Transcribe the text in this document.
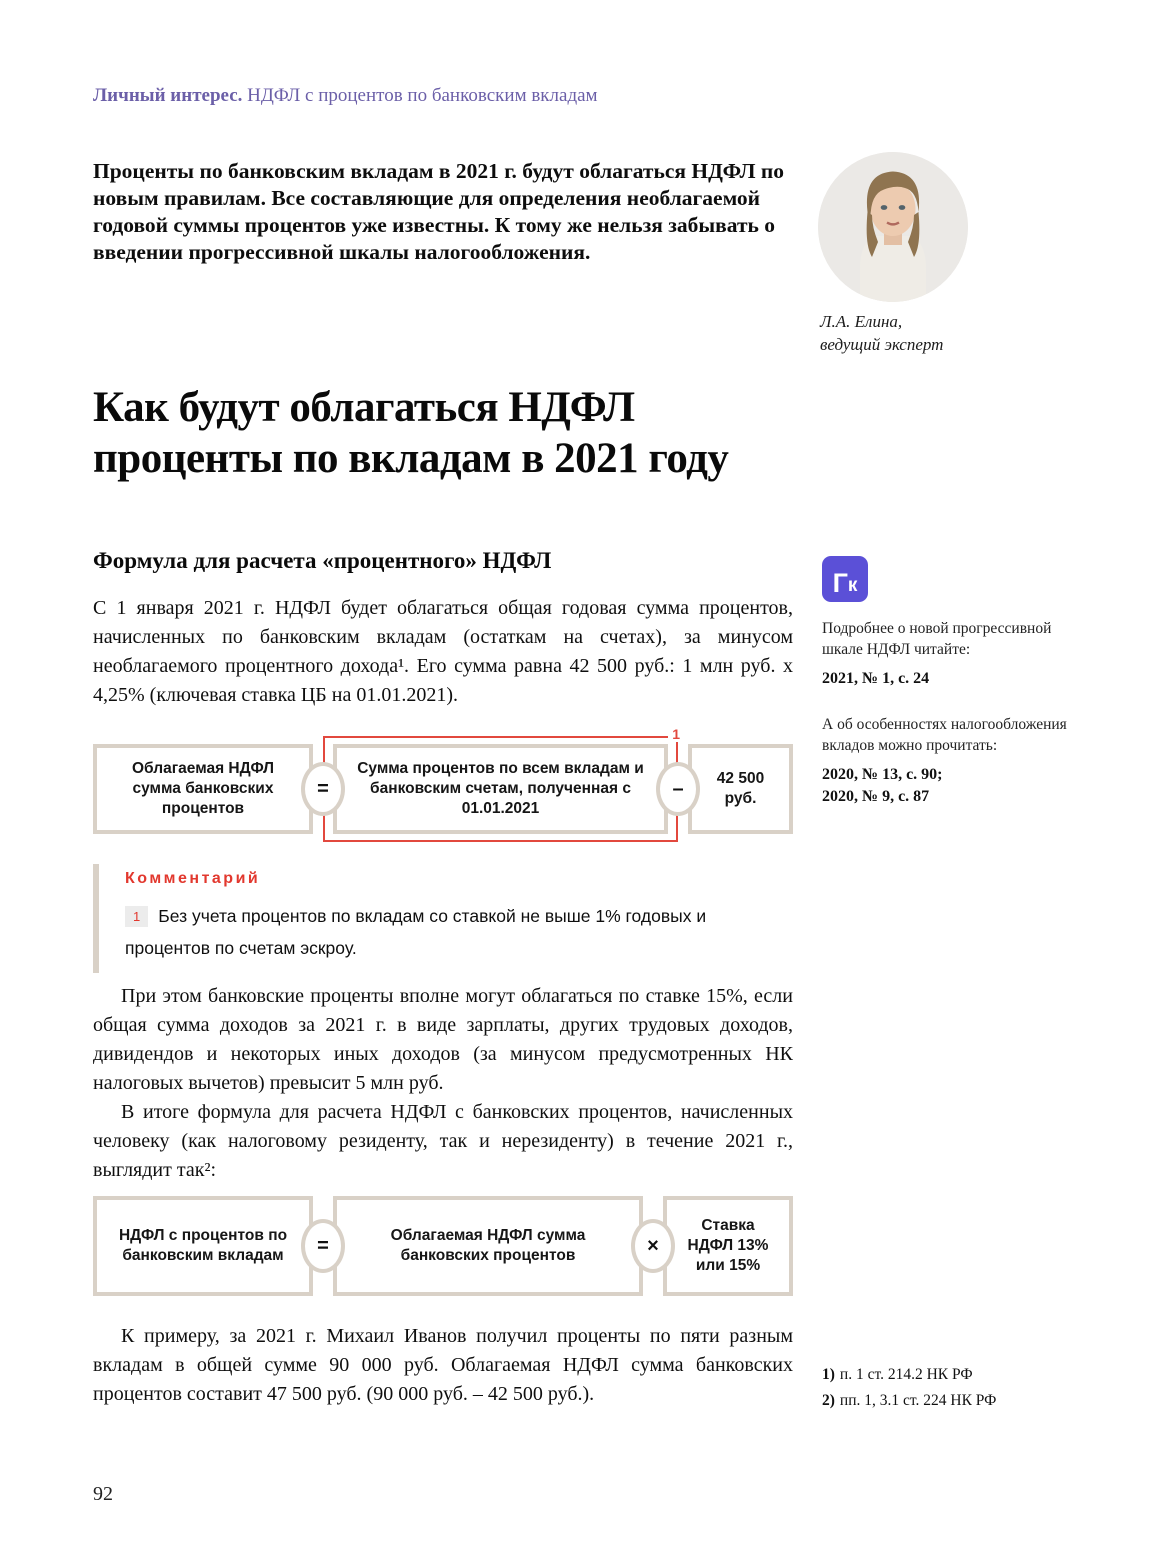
Личный интерес. НДФЛ с процентов по банковским вкладам
Проценты по банковским вкладам в 2021 г. будут облагаться НДФЛ по новым правилам. Все составляющие для определения необлагаемой годовой суммы процентов уже известны. К тому же нельзя забывать о введении прогрессивной шкалы налогообложения.
Л.А. Елина,
ведущий эксперт
Как будут облагаться НДФЛ
проценты по вкладам в 2021 году
Формула для расчета «процентного» НДФЛ

С 1 января 2021 г. НДФЛ будет облагаться общая годовая сумма процентов, начисленных по банковским вкладам (остаткам на счетах), за минусом необлагаемого процентного дохода¹. Его сумма равна 42 500 руб.: 1 млн руб. х 4,25% (ключевая ставка ЦБ на 01.01.2021).

Облагаемая НДФЛ сумма банковских процентов
=
Сумма процентов по всем вкладам и банковским счетам, полученная с 01.01.2021
–	42 500 руб.
1
Комментарий
1 Без учета процентов по вкладам со ставкой не выше 1% годовых и процентов по счетам эскроу.

При этом банковские проценты вполне могут облагаться по ставке 15%, если общая сумма доходов за 2021 г. в виде зарплаты, других трудовых доходов, дивидендов и некоторых иных доходов (за минусом предусмотренных НК налоговых вычетов) превысит 5 млн руб.

В итоге формула для расчета НДФЛ с банковских процентов, начисленных человеку (как налоговому резиденту, так и нерезиденту) в течение 2021 г., выглядит так²:

НДФЛ с процентов по банковским вкладам	=	Облагаемая НДФЛ сумма банковских процентов	×
Ставка НДФЛ 13% или 15%

К примеру, за 2021 г. Михаил Иванов получил проценты по пяти разным вкладам в общей сумме 90 000 руб. Облагаемая НДФЛ сумма банковских процентов составит 47 500 руб. (90 000 руб. – 42 500 руб.).

Г к
Подробнее о новой прогрессивной шкале НДФЛ читайте:
2021, № 1, с. 24
А об особенностях налогообложения вкладов можно прочитать:
2020, № 13, с. 90;
2020, № 9, с. 87
1) п. 1 ст. 214.2 НК РФ
2) пп. 1, 3.1 ст. 224 НК РФ
92
